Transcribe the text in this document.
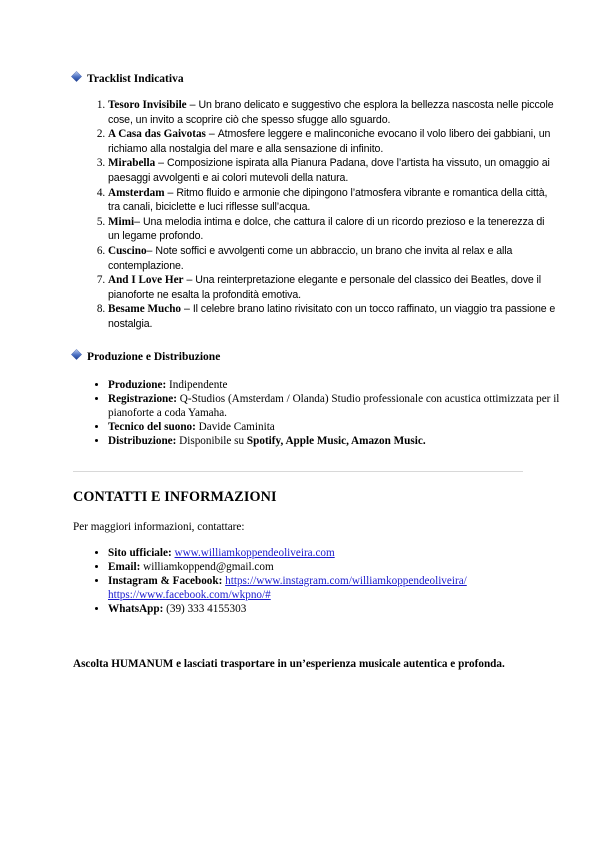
Tracklist Indicativa
1. Tesoro Invisibile – Un brano delicato e suggestivo che esplora la bellezza nascosta nelle piccole cose, un invito a scoprire ciò che spesso sfugge allo sguardo.
2. A Casa das Gaivotas – Atmosfere leggere e malinconiche evocano il volo libero dei gabbiani, un richiamo alla nostalgia del mare e alla sensazione di infinito.
3. Mirabella – Composizione ispirata alla Pianura Padana, dove l’artista ha vissuto, un omaggio ai paesaggi avvolgenti e ai colori mutevoli della natura.
4. Amsterdam – Ritmo fluido e armonie che dipingono l’atmosfera vibrante e romantica della città, tra canali, biciclette e luci riflesse sull’acqua.
5. Mimi– Una melodia intima e dolce, che cattura il calore di un ricordo prezioso e la tenerezza di un legame profondo.
6. Cuscino– Note soffici e avvolgenti come un abbraccio, un brano che invita al relax e alla contemplazione.
7. And I Love Her – Una reinterpretazione elegante e personale del classico dei Beatles, dove il pianoforte ne esalta la profondità emotiva.
8. Besame Mucho – Il celebre brano latino rivisitato con un tocco raffinato, un viaggio tra passione e nostalgia.
Produzione e Distribuzione
• Produzione: Indipendente
• Registrazione: Q-Studios (Amsterdam / Olanda) Studio professionale con acustica ottimizzata per il pianoforte a coda Yamaha.
• Tecnico del suono: Davide Caminita
• Distribuzione: Disponibile su Spotify, Apple Music, Amazon Music.
CONTATTI E INFORMAZIONI
Per maggiori informazioni, contattare:
• Sito ufficiale: www.williamkoppendeoliveira.com
• Email: williamkoppend@gmail.com
• Instagram & Facebook: https://www.instagram.com/williamkoppendeoliveira/
https://www.facebook.com/wkpno/#
• WhatsApp: (39) 333 4155303
Ascolta HUMANUM e lasciati trasportare in un’esperienza musicale autentica e profonda.
